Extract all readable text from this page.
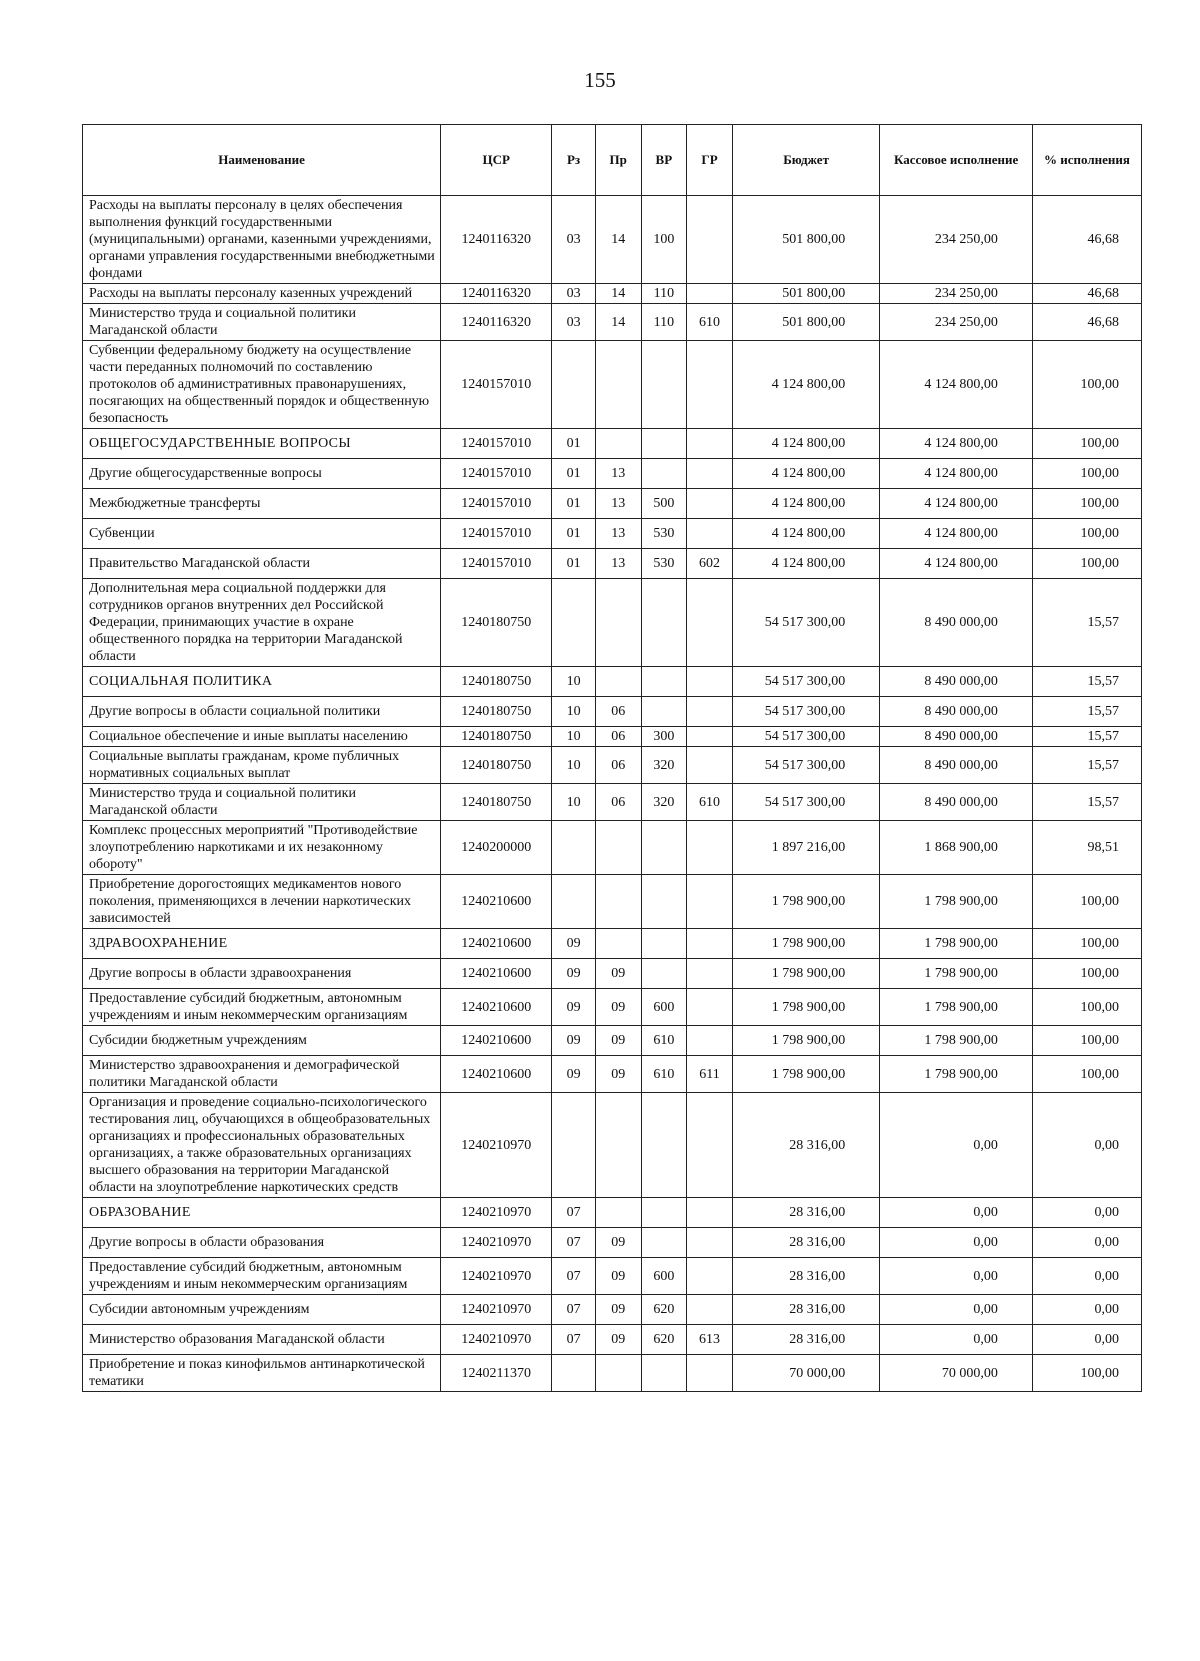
155
Наименование	ЦСР	Рз	Пр	ВР	ГР	Бюджет	Кассовое исполнение	% исполнения
Расходы на выплаты персоналу в целях обеспечения выполнения функций государственными (муниципальными) органами, казенными учреждениями, органами управления государственными внебюджетными фондами	1240116320	03	14	100		501 800,00	234 250,00	46,68
Расходы на выплаты персоналу казенных учреждений	1240116320	03	14	110		501 800,00	234 250,00	46,68
Министерство труда и социальной политики Магаданской области	1240116320	03	14	110	610	501 800,00	234 250,00	46,68
Субвенции федеральному бюджету на осуществление части переданных полномочий по составлению протоколов об административных правонарушениях, посягающих на общественный порядок и общественную безопасность	1240157010					4 124 800,00	4 124 800,00	100,00
ОБЩЕГОСУДАРСТВЕННЫЕ ВОПРОСЫ	1240157010	01				4 124 800,00	4 124 800,00	100,00
Другие общегосударственные вопросы	1240157010	01	13			4 124 800,00	4 124 800,00	100,00
Межбюджетные трансферты	1240157010	01	13	500		4 124 800,00	4 124 800,00	100,00
Субвенции	1240157010	01	13	530		4 124 800,00	4 124 800,00	100,00
Правительство Магаданской области	1240157010	01	13	530	602	4 124 800,00	4 124 800,00	100,00
Дополнительная мера социальной поддержки для сотрудников органов внутренних дел Российской Федерации, принимающих участие в охране общественного порядка на территории Магаданской области	1240180750					54 517 300,00	8 490 000,00	15,57
СОЦИАЛЬНАЯ ПОЛИТИКА	1240180750	10				54 517 300,00	8 490 000,00	15,57
Другие вопросы в области социальной политики	1240180750	10	06			54 517 300,00	8 490 000,00	15,57
Социальное обеспечение и иные выплаты населению	1240180750	10	06	300		54 517 300,00	8 490 000,00	15,57
Социальные выплаты гражданам, кроме публичных нормативных социальных выплат	1240180750	10	06	320		54 517 300,00	8 490 000,00	15,57
Министерство труда и социальной политики Магаданской области	1240180750	10	06	320	610	54 517 300,00	8 490 000,00	15,57
Комплекс процессных мероприятий "Противодействие злоупотреблению наркотиками и их незаконному обороту"	1240200000					1 897 216,00	1 868 900,00	98,51
Приобретение дорогостоящих медикаментов нового поколения, применяющихся в лечении наркотических зависимостей	1240210600					1 798 900,00	1 798 900,00	100,00
ЗДРАВООХРАНЕНИЕ	1240210600	09				1 798 900,00	1 798 900,00	100,00
Другие вопросы в области здравоохранения	1240210600	09	09			1 798 900,00	1 798 900,00	100,00
Предоставление субсидий бюджетным, автономным учреждениям и иным некоммерческим организациям	1240210600	09	09	600		1 798 900,00	1 798 900,00	100,00
Субсидии бюджетным учреждениям	1240210600	09	09	610		1 798 900,00	1 798 900,00	100,00
Министерство здравоохранения и демографической политики Магаданской области	1240210600	09	09	610	611	1 798 900,00	1 798 900,00	100,00
Организация и проведение социально-психологического тестирования лиц, обучающихся в общеобразовательных организациях и профессиональных образовательных организациях, а также образовательных организациях высшего образования на территории Магаданской области на злоупотребление наркотических средств	1240210970					28 316,00	0,00	0,00
ОБРАЗОВАНИЕ	1240210970	07				28 316,00	0,00	0,00
Другие вопросы в области образования	1240210970	07	09			28 316,00	0,00	0,00
Предоставление субсидий бюджетным, автономным учреждениям и иным некоммерческим организациям	1240210970	07	09	600		28 316,00	0,00	0,00
Субсидии автономным учреждениям	1240210970	07	09	620		28 316,00	0,00	0,00
Министерство образования Магаданской области	1240210970	07	09	620	613	28 316,00	0,00	0,00
Приобретение и показ кинофильмов антинаркотической тематики	1240211370					70 000,00	70 000,00	100,00
